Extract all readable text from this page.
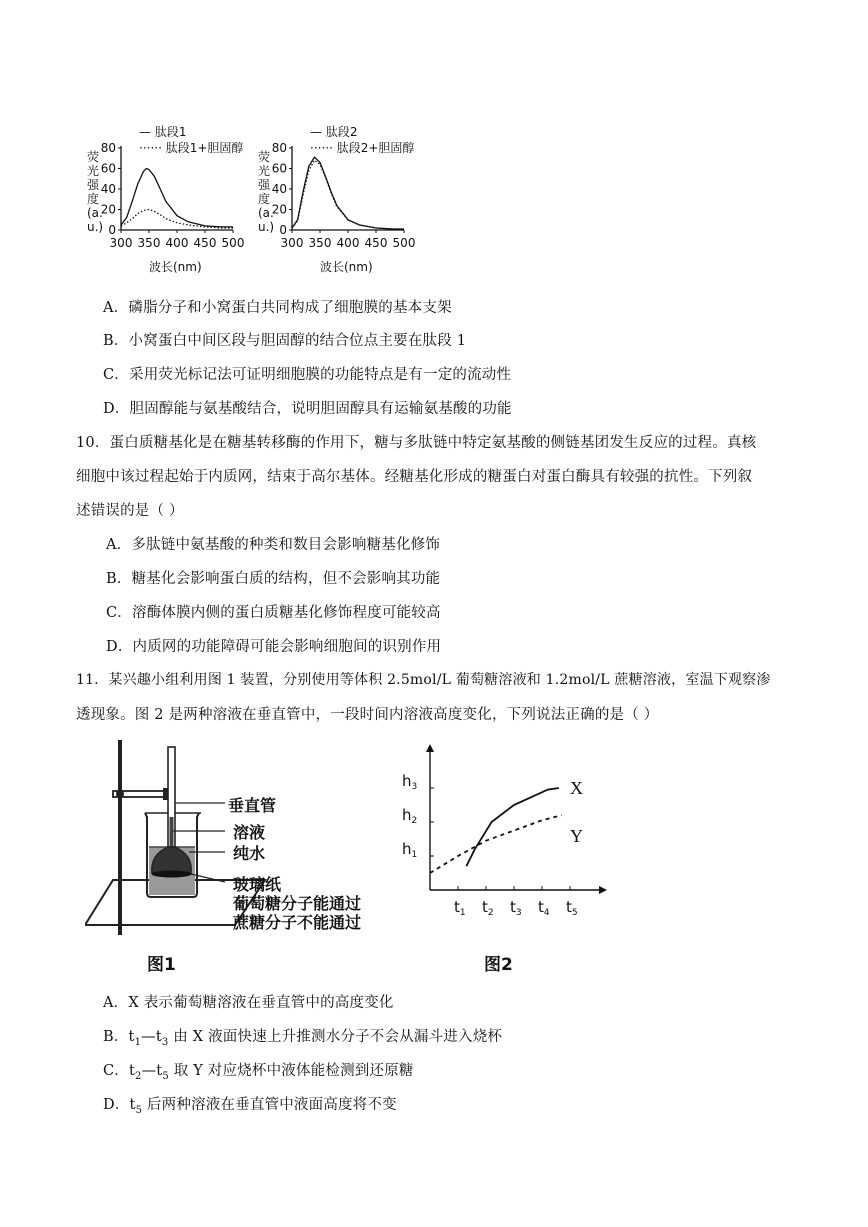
荧光强度(a.u.)
— 肽段1
······ 肽段1+胆固醇
300 350 400 450 500
80
60
40
20
0
波长(nm)
荧光强度(a.u.)
— 肽段2
······ 肽段2+胆固醇
300 350 400 450 500
80
60
40
20
0
波长(nm)
A．磷脂分子和小窝蛋白共同构成了细胞膜的基本支架
B．小窝蛋白中间区段与胆固醇的结合位点主要在肽段 1
C．采用荧光标记法可证明细胞膜的功能特点是有一定的流动性
D．胆固醇能与氨基酸结合，说明胆固醇具有运输氨基酸的功能
10．蛋白质糖基化是在糖基转移酶的作用下，糖与多肽链中特定氨基酸的侧链基团发生反应的过程。真核
细胞中该过程起始于内质网，结束于高尔基体。经糖基化形成的糖蛋白对蛋白酶具有较强的抗性。下列叙
述错误的是（ ）
A．多肽链中氨基酸的种类和数目会影响糖基化修饰
B．糖基化会影响蛋白质的结构，但不会影响其功能
C．溶酶体膜内侧的蛋白质糖基化修饰程度可能较高
D．内质网的功能障碍可能会影响细胞间的识别作用
11．某兴趣小组利用图 1 装置，分别使用等体积 2.5mol/L 葡萄糖溶液和 1.2mol/L 蔗糖溶液，室温下观察渗
透现象。图 2 是两种溶液在垂直管中，一段时间内溶液高度变化，下列说法正确的是（ ）
垂直管
溶液
纯水
玻璃纸
葡萄糖分子能通过
蔗糖分子不能通过
图1
$t_1$ $t_2$ $t_3$ $t_4$ $t_5$
$h_1$
$h_2$
$h_3$	X
Y
图2
A．X 表示葡萄糖溶液在垂直管中的高度变化
B．$t_1—t_3$ 由 X 液面快速上升推测水分子不会从漏斗进入烧杯
C．$t_2—t_5$ 取 Y 对应烧杯中液体能检测到还原糖
D．$t_5$ 后两种溶液在垂直管中液面高度将不变
